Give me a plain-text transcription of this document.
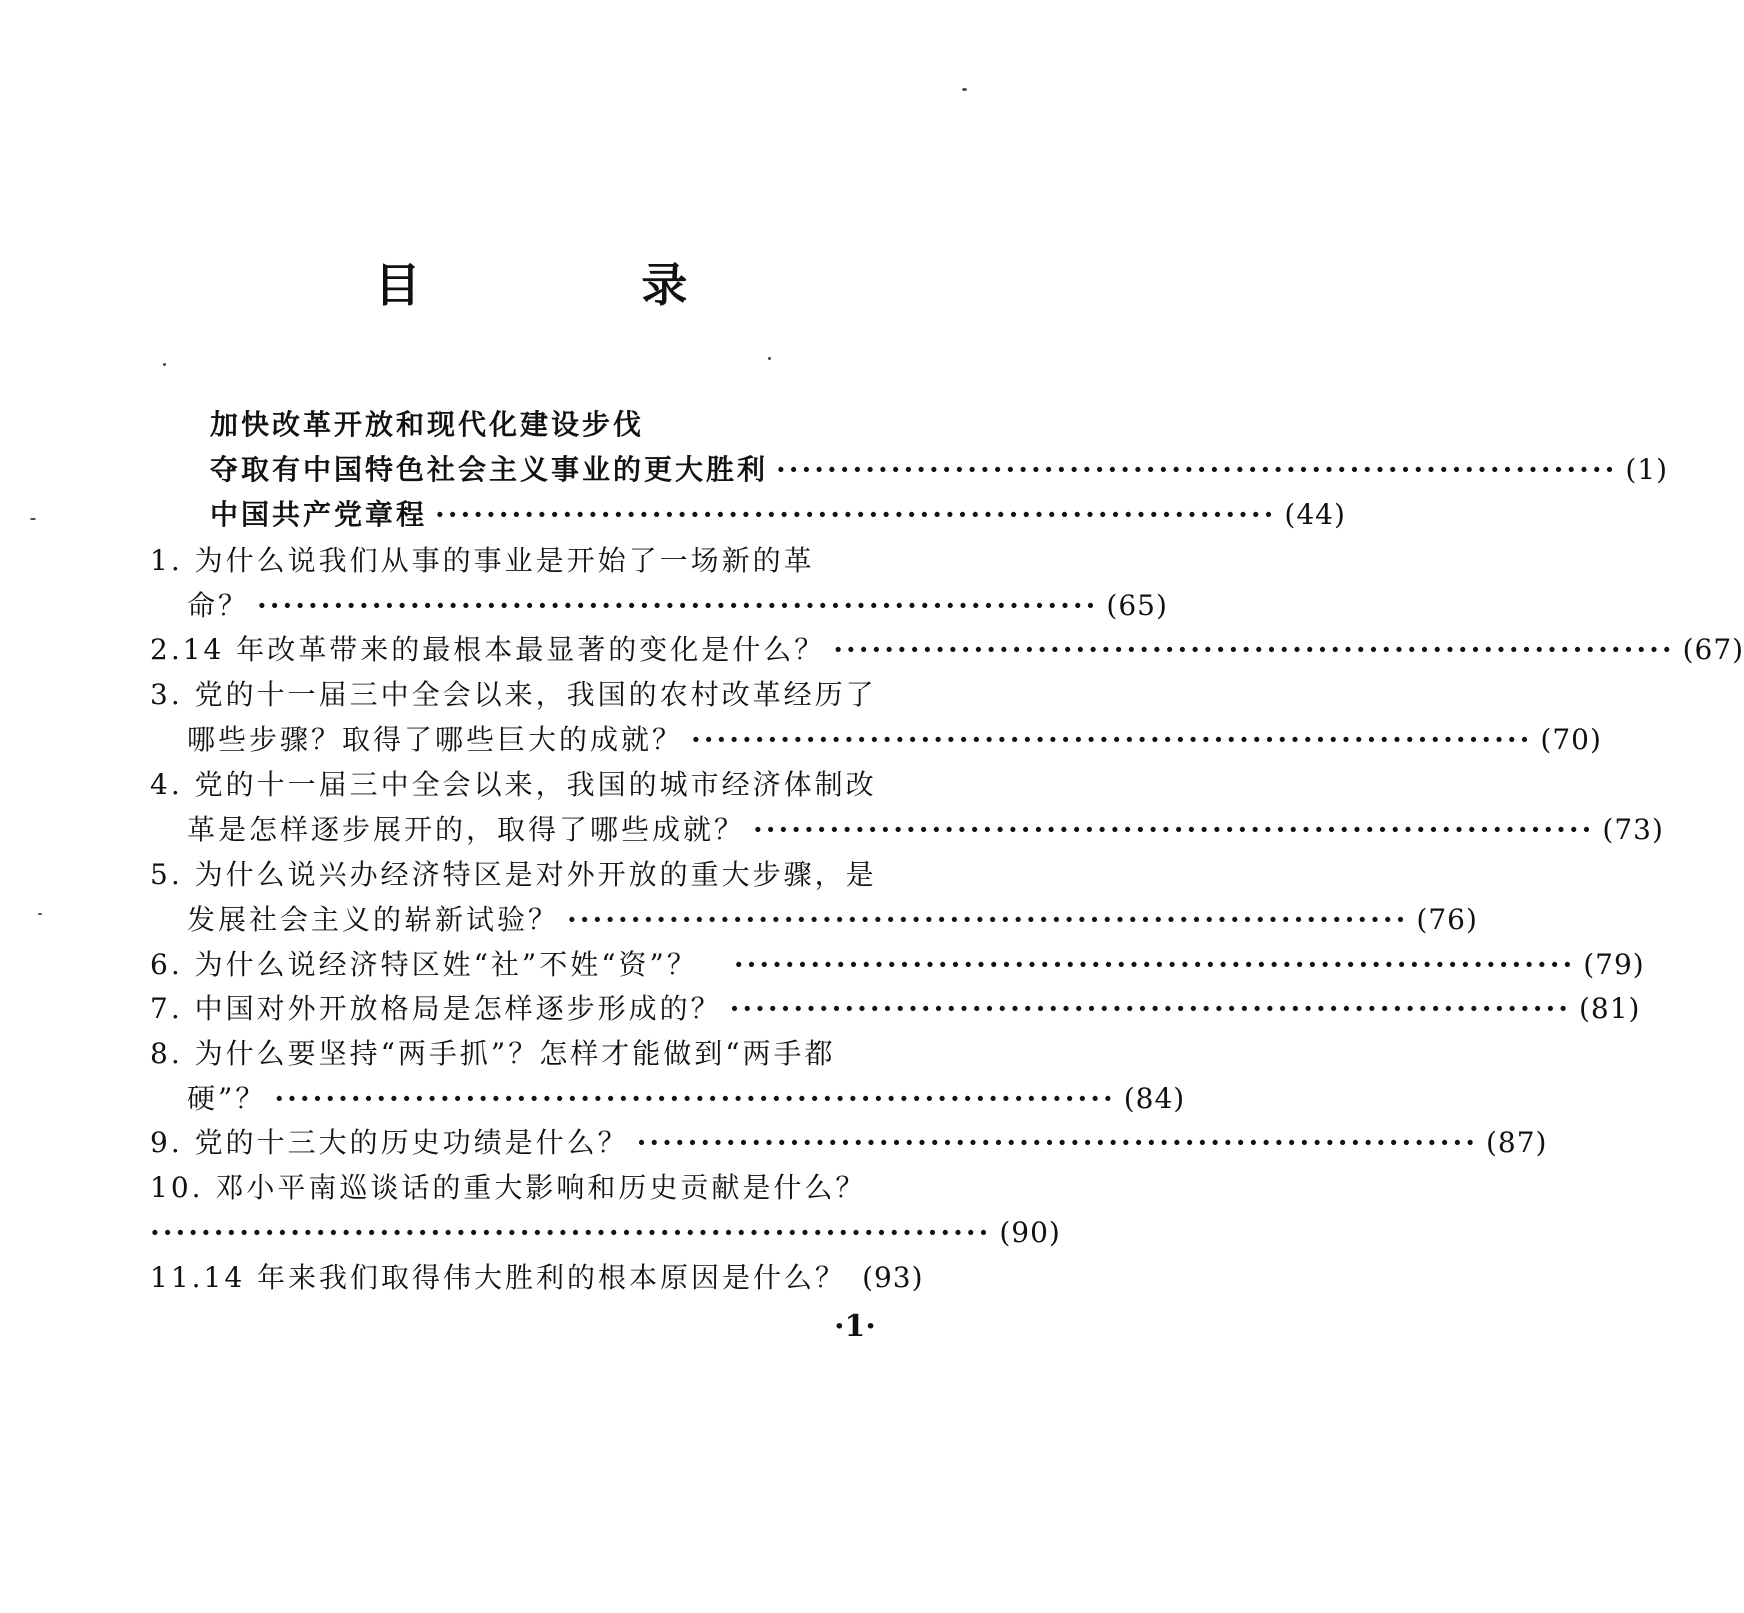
目　录
加快改革开放和现代化建设步伐
夺取有中国特色社会主义事业的更大胜利 ·································································· (1)
中国共产党章程 ·································································· (44)
1. 为什么说我们从事的事业是开始了一场新的革
命？ ·································································· (65)
2.14 年改革带来的最根本最显著的变化是什么？ ·································································· (67)
3. 党的十一届三中全会以来，我国的农村改革经历了
哪些步骤？取得了哪些巨大的成就？ ·································································· (70)
4. 党的十一届三中全会以来，我国的城市经济体制改
革是怎样逐步展开的，取得了哪些成就？ ·································································· (73)
5. 为什么说兴办经济特区是对外开放的重大步骤，是
发展社会主义的崭新试验？ ·································································· (76)
6. 为什么说经济特区姓“社”不姓“资”？ ·································································· (79)
7. 中国对外开放格局是怎样逐步形成的？ ·································································· (81)
8. 为什么要坚持“两手抓”？怎样才能做到“两手都
硬”？ ·································································· (84)
9. 党的十三大的历史功绩是什么？ ·································································· (87)
10. 邓小平南巡谈话的重大影响和历史贡献是什么？
·································································· (90)
11.14 年来我们取得伟大胜利的根本原因是什么？ (93)
·1·
